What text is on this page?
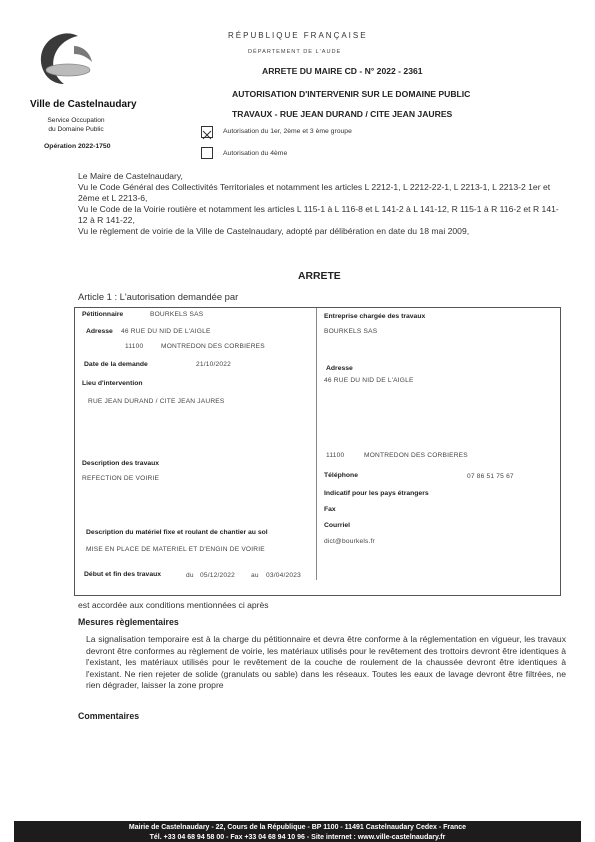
Ville de Castelnaudary
Service Occupation
du Domaine Public
Opération 2022-1750
RÉPUBLIQUE FRANÇAISE
DÉPARTEMENT DE L'AUDE
ARRETE DU MAIRE CD - N° 2022 - 2361
AUTORISATION D'INTERVENIR SUR LE DOMAINE PUBLIC
TRAVAUX - RUE JEAN DURAND / CITE JEAN JAURES
Autorisation du 1er, 2ème et 3 ème groupe
Autorisation du 4ème

Le Maire de Castelnaudary,

Vu le Code Général des Collectivités Territoriales et notamment les articles L 2212-1, L 2212-22-1, L 2213-1, L 2213-2 1er et 2ème et L 2213-6,

Vu le Code de la Voirie routière et notamment les articles L 115-1 à L 116-8 et L 141-2 à L 141-12, R 115-1 à R 116-2 et R 141-12 à R 141-22,

Vu le règlement de voirie de la Ville de Castelnaudary, adopté par délibération en date du 18 mai 2009,

ARRETE
Article 1 : L'autorisation demandée par
Pétitionnaire	BOURKELS SAS
Adresse 46 RUE DU NID DE L'AIGLE
11100	MONTREDON DES CORBIERES
Date de la demande	21/10/2022
Lieu d'intervention
RUE JEAN DURAND / CITE JEAN JAURES
Description des travaux
REFECTION DE VOIRIE
Description du matériel fixe et roulant de chantier au sol
MISE EN PLACE DE MATERIEL ET D'ENGIN DE VOIRIE
Début et fin des travaux	du 05/12/2022 au 03/04/2023
Entreprise chargée des travaux
BOURKELS SAS
Adresse
46 RUE DU NID DE L'AIGLE
11100	MONTREDON DES CORBIERES
Téléphone	07 86 51 75 67
Indicatif pour les pays étrangers
Fax
Courriel
dict@bourkels.fr
est accordée aux conditions mentionnées ci après
Mesures règlementaires
La signalisation temporaire est à la charge du pétitionnaire et devra être conforme à la réglementation en vigueur, les travaux devront être conformes au règlement de voirie, les matériaux utilisés pour le revêtement des trottoirs devront être identiques à l'existant, les matériaux utilisés pour le revêtement de la couche de roulement de la chaussée devront être identiques à l'existant. Ne rien rejeter de solide (granulats ou sable) dans les réseaux. Toutes les eaux de lavage devront être filtrées, ne rien dégrader, laisser la zone propre
Commentaires
Mairie de Castelnaudary - 22, Cours de la République - BP 1100 - 11491 Castelnaudary Cedex - France
Tél. +33 04 68 94 58 00 - Fax +33 04 68 94 10 96 - Site internet : www.ville-castelnaudary.fr
